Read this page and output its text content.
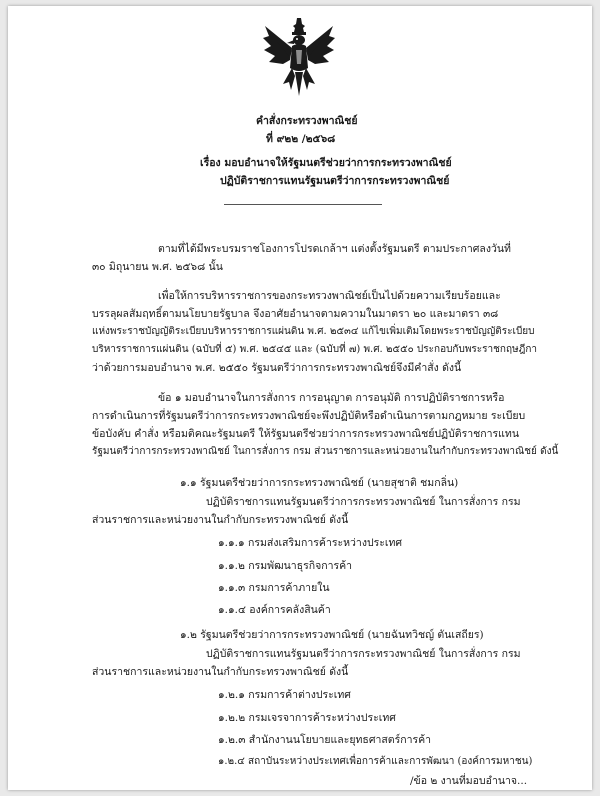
คำสั่งกระทรวงพาณิชย์
ที่ ๙๒๒ /๒๕๖๘
เรื่อง มอบอำนาจให้รัฐมนตรีช่วยว่าการกระทรวงพาณิชย์
ปฏิบัติราชการแทนรัฐมนตรีว่าการกระทรวงพาณิชย์
ตามที่ได้มีพระบรมราชโองการโปรดเกล้าฯ แต่งตั้งรัฐมนตรี ตามประกาศลงวันที่
๓๐ มิถุนายน พ.ศ. ๒๕๖๘ นั้น
เพื่อให้การบริหารราชการของกระทรวงพาณิชย์เป็นไปด้วยความเรียบร้อยและ
บรรลุผลสัมฤทธิ์ตามนโยบายรัฐบาล จึงอาศัยอำนาจตามความในมาตรา ๒๐ และมาตรา ๓๘
แห่งพระราชบัญญัติระเบียบบริหารราชการแผ่นดิน พ.ศ. ๒๕๓๔ แก้ไขเพิ่มเติมโดยพระราชบัญญัติระเบียบ
บริหารราชการแผ่นดิน (ฉบับที่ ๕) พ.ศ. ๒๕๔๕ และ (ฉบับที่ ๗) พ.ศ. ๒๕๕๐ ประกอบกับพระราชกฤษฎีกา
ว่าด้วยการมอบอำนาจ พ.ศ. ๒๕๕๐ รัฐมนตรีว่าการกระทรวงพาณิชย์จึงมีคำสั่ง ดังนี้
ข้อ ๑ มอบอำนาจในการสั่งการ การอนุญาต การอนุมัติ การปฏิบัติราชการหรือ
การดำเนินการที่รัฐมนตรีว่าการกระทรวงพาณิชย์จะพึงปฏิบัติหรือดำเนินการตามกฎหมาย ระเบียบ
ข้อบังคับ คำสั่ง หรือมติคณะรัฐมนตรี ให้รัฐมนตรีช่วยว่าการกระทรวงพาณิชย์ปฏิบัติราชการแทน
รัฐมนตรีว่าการกระทรวงพาณิชย์ ในการสั่งการ กรม ส่วนราชการและหน่วยงานในกำกับกระทรวงพาณิชย์ ดังนี้
๑.๑ รัฐมนตรีช่วยว่าการกระทรวงพาณิชย์ (นายสุชาติ ชมกลิ่น)
ปฏิบัติราชการแทนรัฐมนตรีว่าการกระทรวงพาณิชย์ ในการสั่งการ กรม
ส่วนราชการและหน่วยงานในกำกับกระทรวงพาณิชย์ ดังนี้
๑.๑.๑ กรมส่งเสริมการค้าระหว่างประเทศ
๑.๑.๒ กรมพัฒนาธุรกิจการค้า
๑.๑.๓ กรมการค้าภายใน
๑.๑.๔ องค์การคลังสินค้า
๑.๒ รัฐมนตรีช่วยว่าการกระทรวงพาณิชย์ (นายฉันทวิชญ์ ตันเสถียร)
ปฏิบัติราชการแทนรัฐมนตรีว่าการกระทรวงพาณิชย์ ในการสั่งการ กรม
ส่วนราชการและหน่วยงานในกำกับกระทรวงพาณิชย์ ดังนี้
๑.๒.๑ กรมการค้าต่างประเทศ
๑.๒.๒ กรมเจรจาการค้าระหว่างประเทศ
๑.๒.๓ สำนักงานนโยบายและยุทธศาสตร์การค้า
๑.๒.๔ สถาบันระหว่างประเทศเพื่อการค้าและการพัฒนา (องค์การมหาชน)
/ข้อ ๒ งานที่มอบอำนาจ...
